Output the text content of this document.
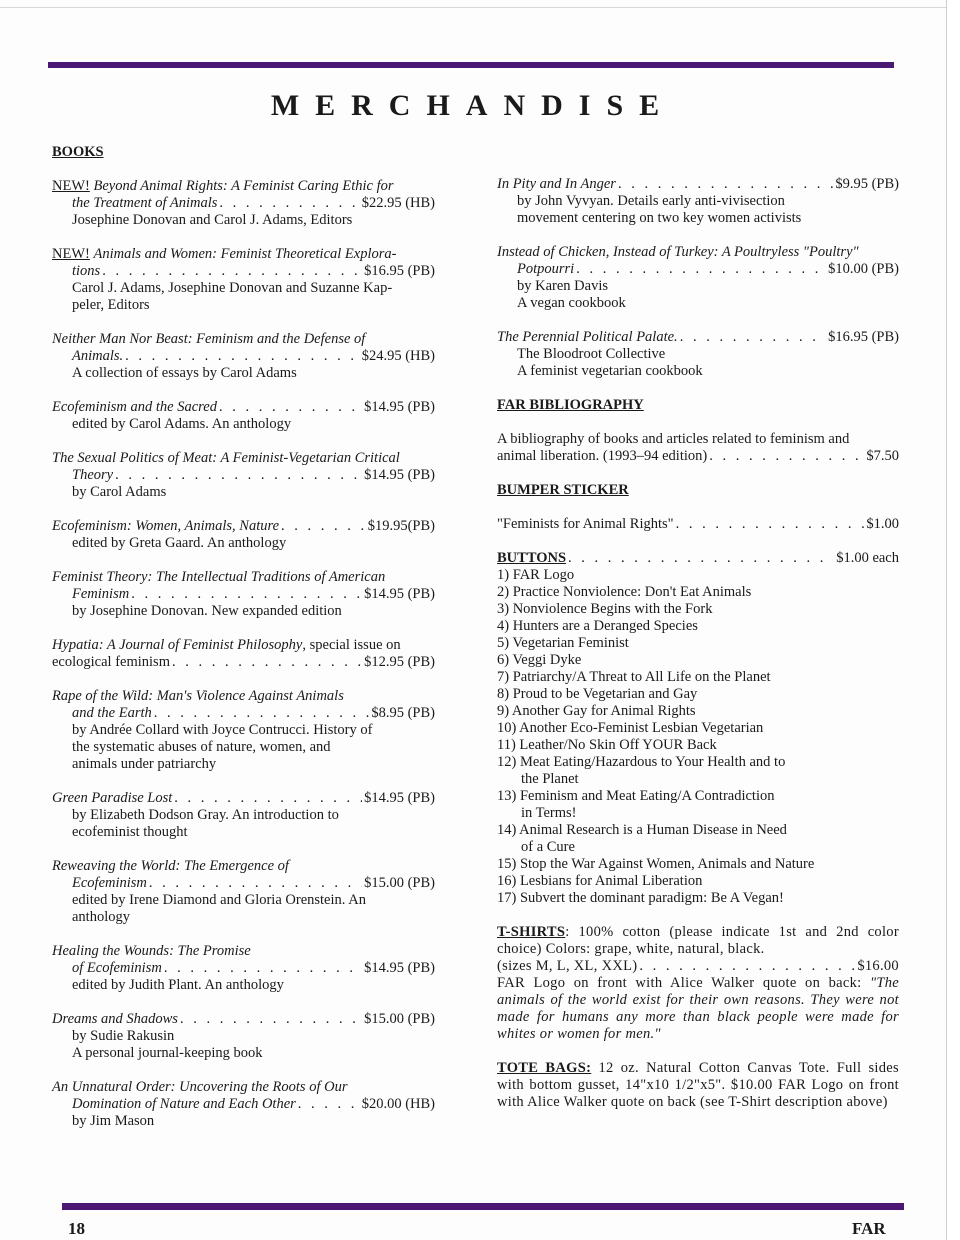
MERCHANDISE
BOOKS
NEW! Beyond Animal Rights: A Feminist Caring Ethic for
the Treatment of Animals . . .	$22.95 (HB)
Josephine Donovan and Carol J. Adams, Editors
NEW! Animals and Women: Feminist Theoretical Explora-
tions . . .	$16.95 (PB)
Carol J. Adams, Josephine Donovan and Suzanne Kap-
peler, Editors
Neither Man Nor Beast: Feminism and the Defense of
Animals. . . .	$24.95 (HB)
A collection of essays by Carol Adams
Ecofeminism and the Sacred . . .	$14.95 (PB)
edited by Carol Adams. An anthology
The Sexual Politics of Meat: A Feminist-Vegetarian Critical
Theory . . .	$14.95 (PB)
by Carol Adams
Ecofeminism: Women, Animals, Nature . . .	$19.95(PB)
edited by Greta Gaard. An anthology
Feminist Theory: The Intellectual Traditions of American
Feminism . . .	$14.95 (PB)
by Josephine Donovan. New expanded edition
Hypatia: A Journal of Feminist Philosophy, special issue on
ecological feminism . . .	$12.95 (PB)
Rape of the Wild: Man's Violence Against Animals
and the Earth . . .	$8.95 (PB)
by Andrée Collard with Joyce Contrucci. History of
the systematic abuses of nature, women, and
animals under patriarchy
Green Paradise Lost . . .	$14.95 (PB)
by Elizabeth Dodson Gray. An introduction to
ecofeminist thought
Reweaving the World: The Emergence of
Ecofeminism . . .	$15.00 (PB)
edited by Irene Diamond and Gloria Orenstein. An
anthology
Healing the Wounds: The Promise
of Ecofeminism . . .	$14.95 (PB)
edited by Judith Plant. An anthology
Dreams and Shadows . . .	$15.00 (PB)
by Sudie Rakusin
A personal journal-keeping book
An Unnatural Order: Uncovering the Roots of Our
Domination of Nature and Each Other . . .	$20.00 (HB)
by Jim Mason
In Pity and In Anger . . .	$9.95 (PB)
by John Vyvyan. Details early anti-vivisection
movement centering on two key women activists
Instead of Chicken, Instead of Turkey: A Poultryless "Poultry"
Potpourri . . .	$10.00 (PB)
by Karen Davis
A vegan cookbook
The Perennial Political Palate. . . .	$16.95 (PB)
The Bloodroot Collective
A feminist vegetarian cookbook
FAR BIBLIOGRAPHY
A bibliography of books and articles related to feminism and
animal liberation. (1993–94 edition) . . .	$7.50
BUMPER STICKER
"Feminists for Animal Rights" . . .	$1.00
BUTTONS . . .	$1.00 each
1) FAR Logo
2) Practice Nonviolence: Don't Eat Animals
3) Nonviolence Begins with the Fork
4) Hunters are a Deranged Species
5) Vegetarian Feminist
6) Veggi Dyke
7) Patriarchy/A Threat to All Life on the Planet
8) Proud to be Vegetarian and Gay
9) Another Gay for Animal Rights
10) Another Eco-Feminist Lesbian Vegetarian
11) Leather/No Skin Off YOUR Back
12) Meat Eating/Hazardous to Your Health and to
the Planet
13) Feminism and Meat Eating/A Contradiction
in Terms!
14) Animal Research is a Human Disease in Need
of a Cure
15) Stop the War Against Women, Animals and Nature
16) Lesbians for Animal Liberation
17) Subvert the dominant paradigm: Be A Vegan!
T-SHIRTS: 100% cotton (please indicate 1st and 2nd color choice) Colors: grape, white, natural, black.
(sizes M, L, XL, XXL) . . .	$16.00
FAR Logo on front with Alice Walker quote on back: "The animals of the world exist for their own reasons. They were not made for humans any more than black people were made for whites or women for men."
TOTE BAGS: 12 oz. Natural Cotton Canvas Tote. Full sides with bottom gusset, 14"x10 1/2"x5". $10.00 FAR Logo on front with Alice Walker quote on back (see T-Shirt description above)
18	FAR
